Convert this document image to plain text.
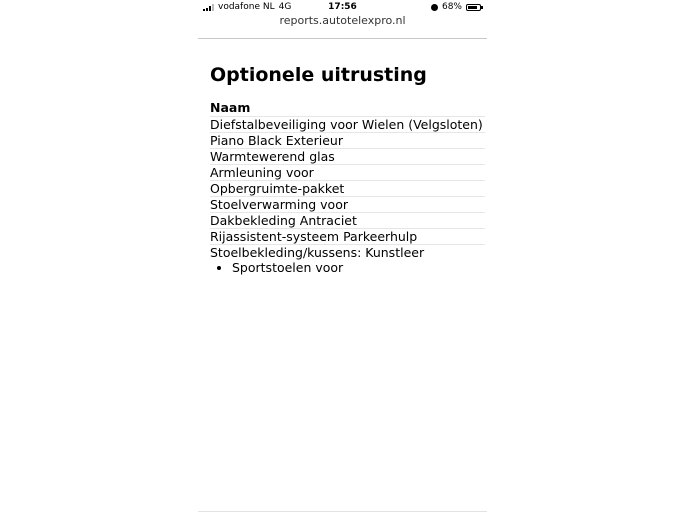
vodafone NL 4G	17:56	68%
reports.autotelexpro.nl
Optionele uitrusting
Naam
Diefstalbeveiliging voor Wielen (Velgsloten)
Piano Black Exterieur
Warmtewerend glas
Armleuning voor
Opbergruimte-pakket
Stoelverwarming voor
Dakbekleding Antraciet
Rijassistent-systeem Parkeerhulp
Stoelbekleding/kussens: Kunstleer
• Sportstoelen voor
